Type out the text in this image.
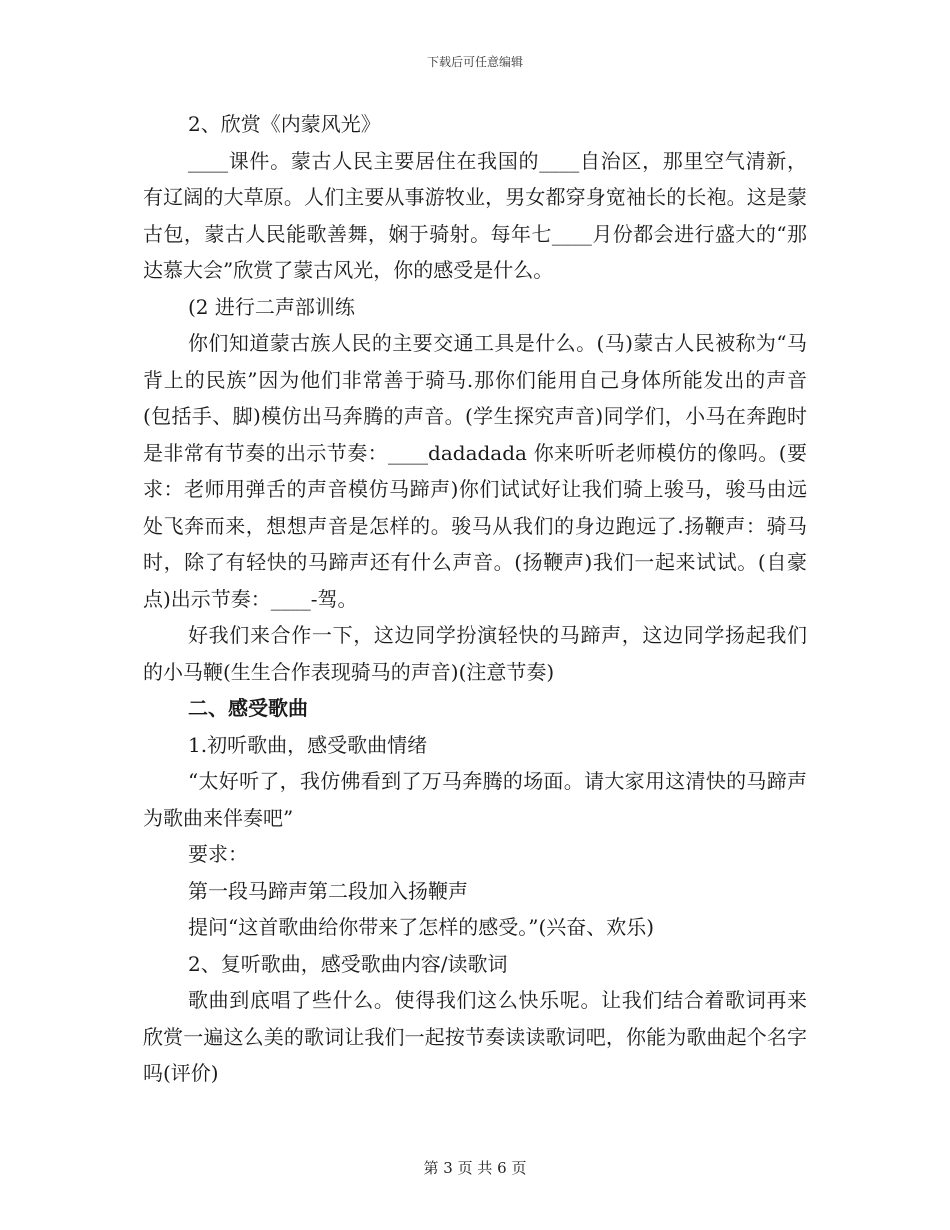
下载后可任意编辑

2、欣赏《内蒙风光》

____课件。蒙古人民主要居住在我国的____自治区，那里空气清新，有辽阔的大草原。人们主要从事游牧业，男女都穿身宽袖长的长袍。这是蒙古包，蒙古人民能歌善舞，娴于骑射。每年七____月份都会进行盛大的“那达慕大会”欣赏了蒙古风光，你的感受是什么。

(2 进行二声部训练

你们知道蒙古族人民的主要交通工具是什么。(马)蒙古人民被称为“马背上的民族”因为他们非常善于骑马.那你们能用自己身体所能发出的声音(包括手、脚)模仿出马奔腾的声音。(学生探究声音)同学们，小马在奔跑时是非常有节奏的出示节奏：____dadadada 你来听听老师模仿的像吗。(要求：老师用弹舌的声音模仿马蹄声)你们试试好让我们骑上骏马，骏马由远处飞奔而来，想想声音是怎样的。骏马从我们的身边跑远了.扬鞭声：骑马时，除了有轻快的马蹄声还有什么声音。(扬鞭声)我们一起来试试。(自豪点)出示节奏：____-驾。

好我们来合作一下，这边同学扮演轻快的马蹄声，这边同学扬起我们的小马鞭(生生合作表现骑马的声音)(注意节奏)

二、感受歌曲

1.初听歌曲，感受歌曲情绪

“太好听了，我仿佛看到了万马奔腾的场面。请大家用这清快的马蹄声为歌曲来伴奏吧”

要求：

第一段马蹄声第二段加入扬鞭声

提问“这首歌曲给你带来了怎样的感受。”(兴奋、欢乐)

2、复听歌曲，感受歌曲内容/读歌词

歌曲到底唱了些什么。使得我们这么快乐呢。让我们结合着歌词再来欣赏一遍这么美的歌词让我们一起按节奏读读歌词吧，你能为歌曲起个名字吗(评价)

第 3 页 共 6 页
